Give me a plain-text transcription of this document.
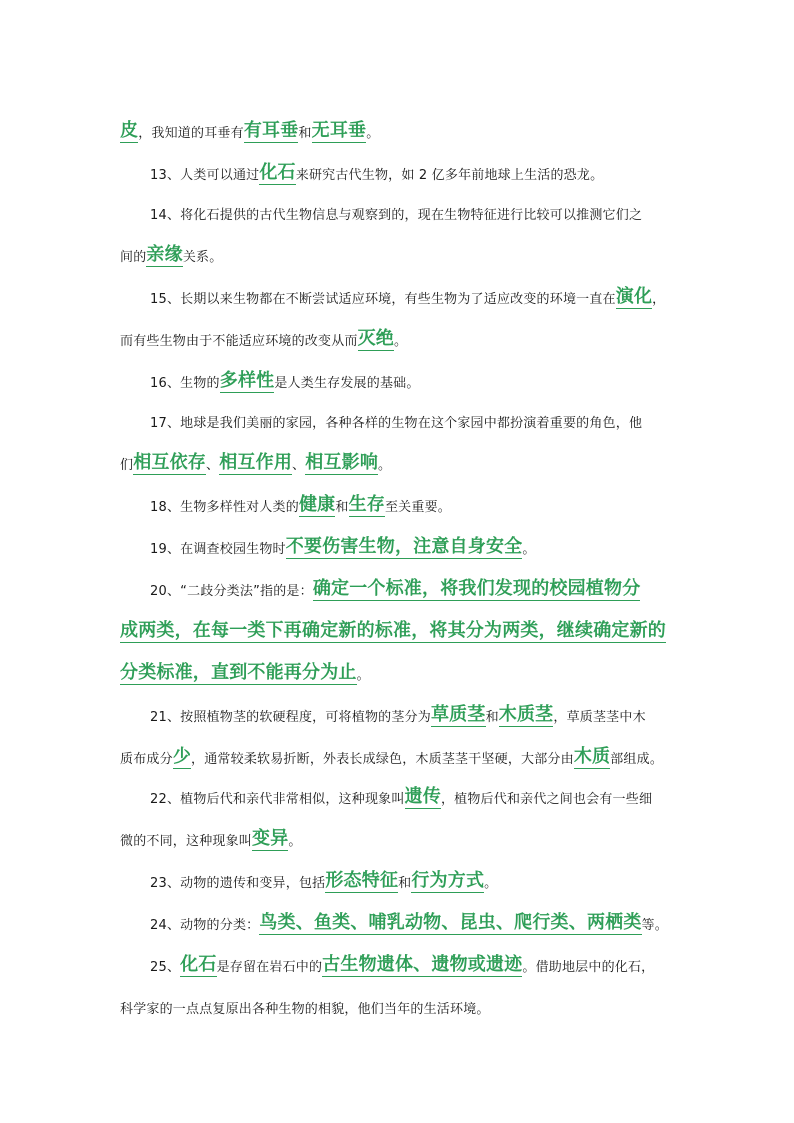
皮 ，我知道的耳垂有 有耳垂 和 无耳垂 。
13、人类可以通过 化石 来研究古代生物，如 2 亿多年前地球上生活的恐龙。
14、将化石提供的古代生物信息与观察到的，现在生物特征进行比较可以推测它们之
间的 亲缘 关系。
15、长期以来生物都在不断尝试适应环境，有些生物为了适应改变的环境一直在 演化 ，
而有些生物由于不能适应环境的改变从而 灭绝 。
16、生物的 多样性 是人类生存发展的基础。
17、地球是我们美丽的家园，各种各样的生物在这个家园中都扮演着重要的角色，他
们 相互依存 、 相互作用 、 相互影响 。
18、生物多样性对人类的 健康 和 生存 至关重要。
19、在调查校园生物时 不要伤害生物，注意自身安全 。
20、“二歧分类法”指的是： 确定一个标准，将我们发现的校园植物分
成两类，在每一类下再确定新的标准，将其分为两类，继续确定新的
分类标准，直到不能再分为止 。
21、按照植物茎的软硬程度，可将植物的茎分为 草质茎 和 木质茎 ，草质茎茎中木
质布成分 少 ，通常较柔软易折断，外表长成绿色，木质茎茎干坚硬，大部分由 木质 部组成。
22、植物后代和亲代非常相似，这种现象叫 遗传 ，植物后代和亲代之间也会有一些细
微的不同，这种现象叫 变异 。
23、动物的遗传和变异，包括 形态特征 和 行为方式 。
24、动物的分类： 鸟类、鱼类、哺乳动物、昆虫、爬行类、两栖类 等。
25、 化石 是存留在岩石中的 古生物遗体、遗物或遗迹 。借助地层中的化石，
科学家的一点点复原出各种生物的相貌，他们当年的生活环境。
